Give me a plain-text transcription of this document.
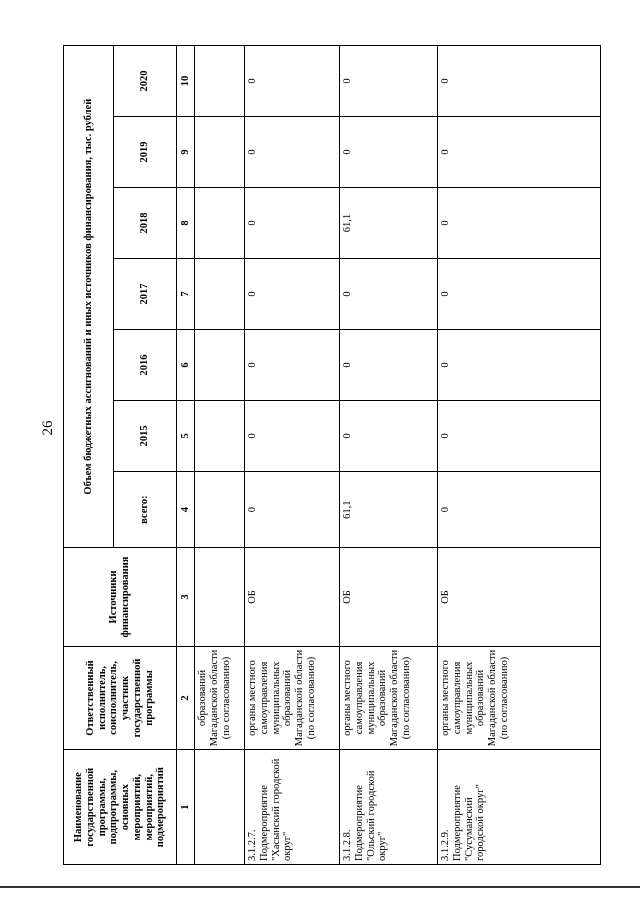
26
Наименование государственной программы, подпрограммы, основных мероприятий, мероприятий, подмероприятий	Ответственный исполнитель, соисполнитель, участник государственной программы	Источники финансирования	Объем бюджетных ассигнований и иных источников финансирования, тыс. рублей						
			всего:	2015	2016	2017	2018	2019	2020
1	2	3	4	5	6	7	8	9	10
	образований Магаданской области (по согласованию)								
3.1.2.7. Подмероприятие "Хасынский городской округ"	органы местного самоуправления муниципальных образований Магаданской области (по согласованию)	ОБ	0	0	0	0	0	0	0
3.1.2.8. Подмероприятие "Ольский городской округ"	органы местного самоуправления муниципальных образований Магаданской области (по согласованию)	ОБ	61,1	0	0	0	61,1	0	0
3.1.2.9. Подмероприятие "Сусуманский городской округ"	органы местного самоуправления муниципальных образований Магаданской области (по согласованию)	ОБ	0	0	0	0	0	0	0
